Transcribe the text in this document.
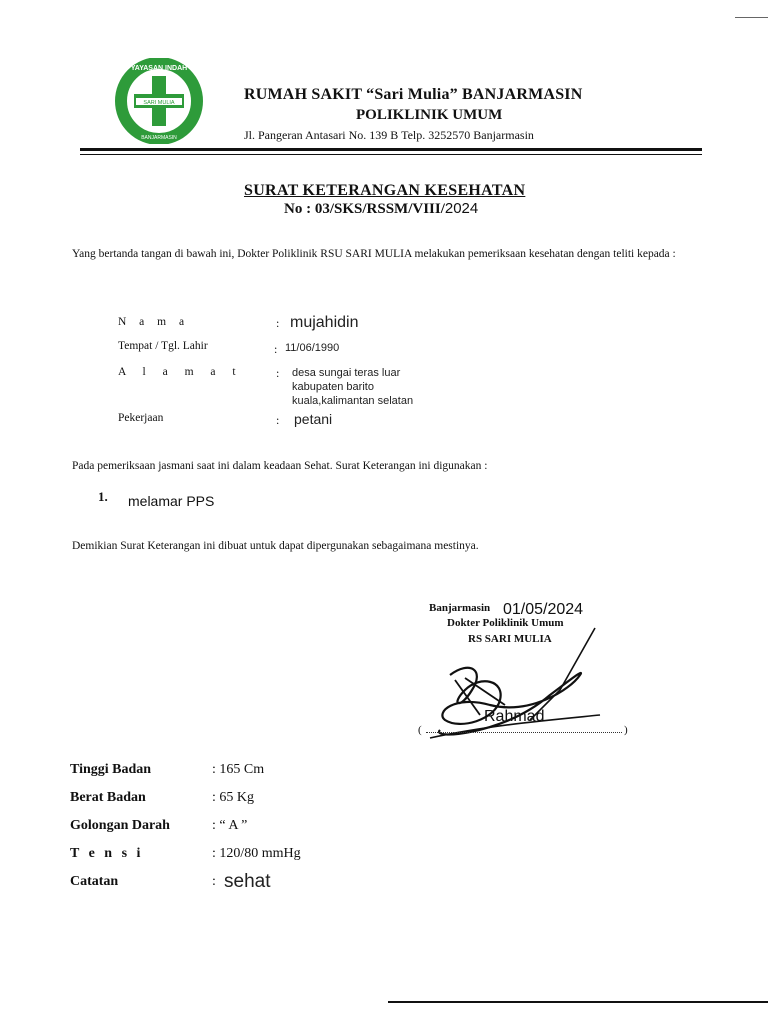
SARI MULIA
YAYASAN INDAH
BANJARMASIN
RUMAH SAKIT “Sari Mulia” BANJARMASIN
POLIKLINIK UMUM
Jl. Pangeran Antasari No. 139 B Telp. 3252570 Banjarmasin
SURAT KETERANGAN KESEHATAN
No : 03/SKS/RSSM/VIII/2024
Yang bertanda tangan di bawah ini, Dokter Poliklinik RSU SARI MULIA melakukan pemeriksaan kesehatan dengan teliti kepada :
N a m a	: mujahidin
Tempat / Tgl. Lahir	: 11/06/1990
A l a m a t	: desa sungai teras luar
kabupaten barito
kuala,kalimantan selatan
Pekerjaan	: petani
Pada pemeriksaan jasmani saat ini dalam keadaan Sehat. Surat Keterangan ini digunakan :
1. melamar PPS
Demikian Surat Keterangan ini dibuat untuk dapat dipergunakan sebagaimana mestinya.
Banjarmasin 01/05/2024
Dokter Poliklinik Umum
RS SARI MULIA
(	)
Rahmad
Tinggi Badan	: 165 Cm
Berat Badan	: 65 Kg
Golongan Darah	: “ A ”
T e n s i	: 120/80 mmHg
Catatan	: sehat
